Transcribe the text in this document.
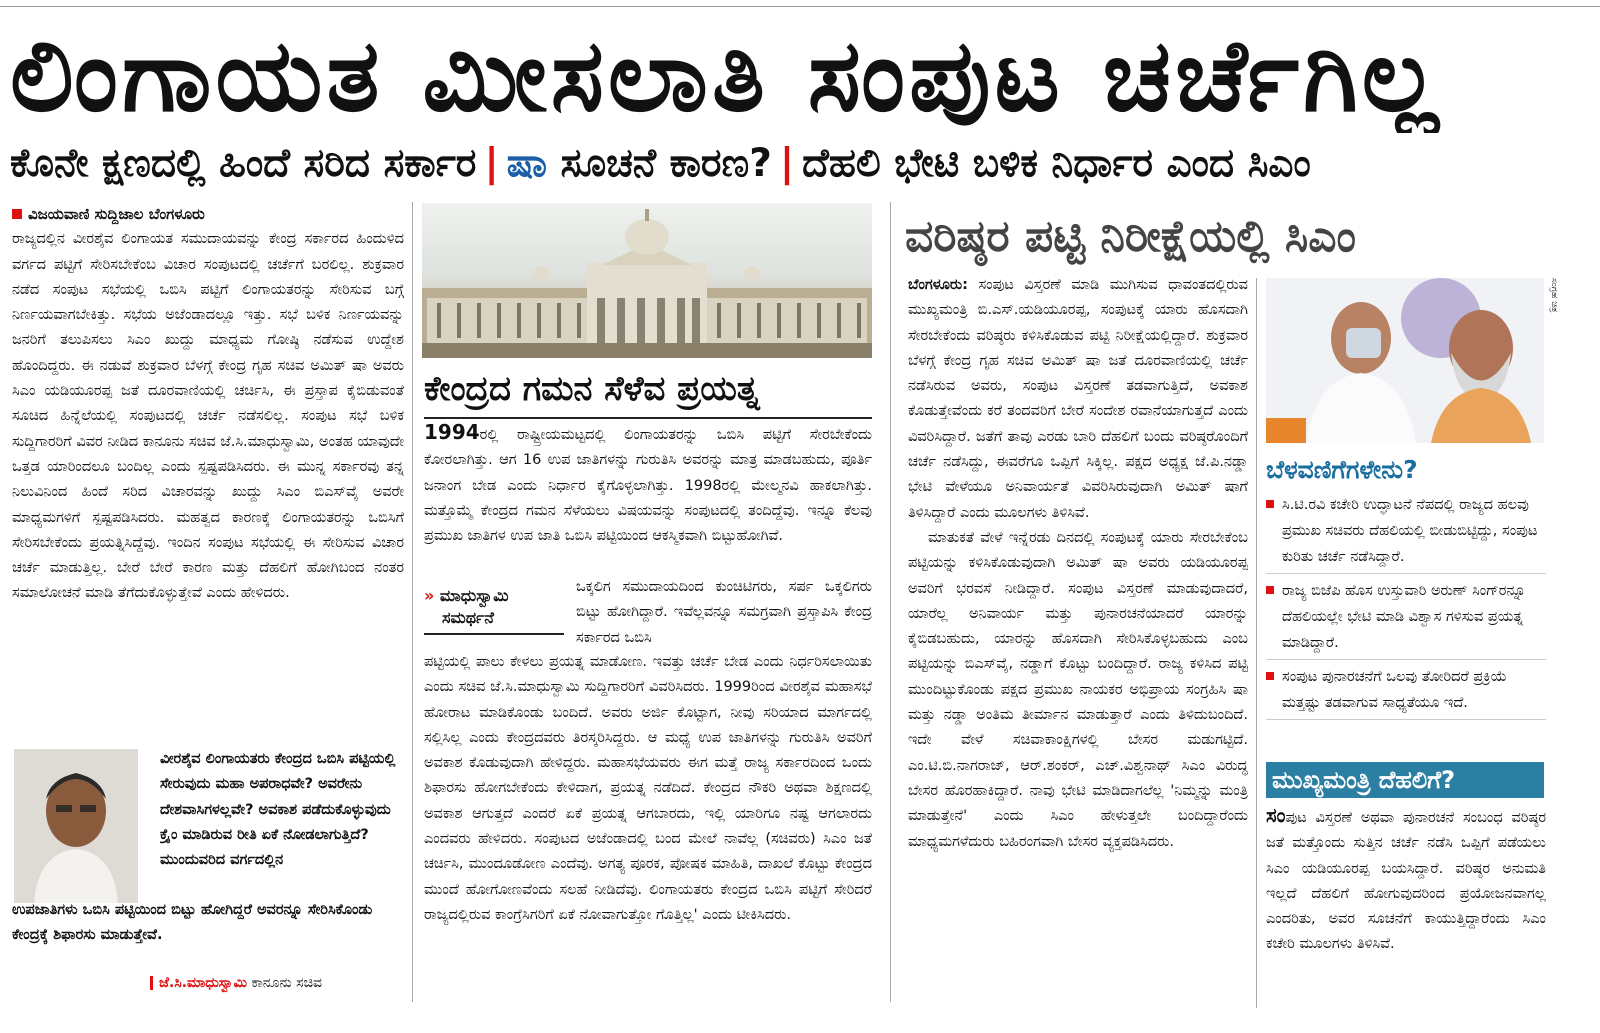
ಲಿಂಗಾಯತ ಮೀಸಲಾತಿ ಸಂಪುಟ ಚರ್ಚೆಗಿಲ್ಲ
ಕೊನೇ ಕ್ಷಣದಲ್ಲಿ ಹಿಂದೆ ಸರಿದ ಸರ್ಕಾರ | ಷಾ ಸೂಚನೆ ಕಾರಣ? | ದೆಹಲಿ ಭೇಟಿ ಬಳಿಕ ನಿರ್ಧಾರ ಎಂದ ಸಿಎಂ
ವಿಜಯವಾಣಿ ಸುದ್ದಿಜಾಲ ಬೆಂಗಳೂರು

ರಾಜ್ಯದಲ್ಲಿನ ವೀರಶೈವ ಲಿಂಗಾಯತ ಸಮುದಾಯವನ್ನು ಕೇಂದ್ರ ಸರ್ಕಾರದ ಹಿಂದುಳಿದ ವರ್ಗದ ಪಟ್ಟಿಗೆ ಸೇರಿಸಬೇಕೆಂಬ ವಿಚಾರ ಸಂಪುಟದಲ್ಲಿ ಚರ್ಚೆಗೆ ಬರಲಿಲ್ಲ. ಶುಕ್ರವಾರ ನಡೆದ ಸಂಪುಟ ಸಭೆಯಲ್ಲಿ ಒಬಿಸಿ ಪಟ್ಟಿಗೆ ಲಿಂಗಾಯತರನ್ನು ಸೇರಿಸುವ ಬಗ್ಗೆ ನಿರ್ಣಯವಾಗಬೇಕಿತ್ತು. ಸಭೆಯ ಅಜೆಂಡಾದಲ್ಲೂ ಇತ್ತು. ಸಭೆ ಬಳಿಕ ನಿರ್ಣಯವನ್ನು ಜನರಿಗೆ ತಲುಪಿಸಲು ಸಿಎಂ ಖುದ್ದು ಮಾಧ್ಯಮ ಗೋಷ್ಠಿ ನಡೆಸುವ ಉದ್ದೇಶ ಹೊಂದಿದ್ದರು. ಈ ನಡುವೆ ಶುಕ್ರವಾರ ಬೆಳಗ್ಗೆ ಕೇಂದ್ರ ಗೃಹ ಸಚಿವ ಅಮಿತ್ ಷಾ ಅವರು ಸಿಎಂ ಯಡಿಯೂರಪ್ಪ ಜತೆ ದೂರವಾಣಿಯಲ್ಲಿ ಚರ್ಚಿಸಿ, ಈ ಪ್ರಸ್ತಾಪ ಕೈಬಿಡುವಂತೆ ಸೂಚಿದ ಹಿನ್ನೆಲೆಯಲ್ಲಿ ಸಂಪುಟದಲ್ಲಿ ಚರ್ಚೆ ನಡೆಸಲಿಲ್ಲ. ಸಂಪುಟ ಸಭೆ ಬಳಿಕ ಸುದ್ದಿಗಾರರಿಗೆ ವಿವರ ನೀಡಿದ ಕಾನೂನು ಸಚಿವ ಜೆ.ಸಿ.ಮಾಧುಸ್ವಾಮಿ, ಅಂತಹ ಯಾವುದೇ ಒತ್ತಡ ಯಾರಿಂದಲೂ ಬಂದಿಲ್ಲ ಎಂದು ಸ್ಪಷ್ಟಪಡಿಸಿದರು. ಈ ಮುನ್ನ ಸರ್ಕಾರವು ತನ್ನ ನಿಲುವಿನಿಂದ ಹಿಂದೆ ಸರಿದ ವಿಚಾರವನ್ನು ಖುದ್ದು ಸಿಎಂ ಬಿಎಸ್‌ವೈ ಅವರೇ ಮಾಧ್ಯಮಗಳಿಗೆ ಸ್ಪಷ್ಟಪಡಿಸಿದರು. ಮಹತ್ವದ ಕಾರಣಕ್ಕೆ ಲಿಂಗಾಯತರನ್ನು ಒಬಿಸಿಗೆ ಸೇರಿಸಬೇಕೆಂದು ಪ್ರಯತ್ನಿಸಿದ್ದೆವು. ಇಂದಿನ ಸಂಪುಟ ಸಭೆಯಲ್ಲಿ ಈ ಸೇರಿಸುವ ವಿಚಾರ ಚರ್ಚೆ ಮಾಡುತ್ತಿಲ್ಲ. ಬೇರೆ ಬೇರೆ ಕಾರಣ ಮತ್ತು ದೆಹಲಿಗೆ ಹೋಗಿಬಂದ ನಂತರ ಸಮಾಲೋಚನೆ ಮಾಡಿ ತೆಗೆದುಕೊಳ್ಳುತ್ತೇವೆ ಎಂದು ಹೇಳಿದರು.

ವೀರಶೈವ ಲಿಂಗಾಯತರು ಕೇಂದ್ರದ ಒಬಿಸಿ ಪಟ್ಟಿಯಲ್ಲಿ ಸೇರುವುದು ಮಹಾ ಅಪರಾಧವೇ? ಅವರೇನು ದೇಶವಾಸಿಗಳಲ್ಲವೇ? ಅವಕಾಶ ಪಡೆದುಕೊಳ್ಳುವುದು ಕ್ರೈಂ ಮಾಡಿರುವ ರೀತಿ ಏಕೆ ನೋಡಲಾಗುತ್ತಿದೆ? ಮುಂದುವರಿದ ವರ್ಗದಲ್ಲಿನ
ಉಪಜಾತಿಗಳು ಒಬಿಸಿ ಪಟ್ಟಿಯಿಂದ ಬಿಟ್ಟು ಹೋಗಿದ್ದರೆ ಅವರನ್ನೂ ಸೇರಿಸಿಕೊಂಡು ಕೇಂದ್ರಕ್ಕೆ ಶಿಫಾರಸು ಮಾಡುತ್ತೇವೆ.
ಜೆ.ಸಿ.ಮಾಧುಸ್ವಾಮಿ ಕಾನೂನು ಸಚಿವ
ಕೇಂದ್ರದ ಗಮನ ಸೆಳೆವ ಪ್ರಯತ್ನ

1994ರಲ್ಲಿ ರಾಷ್ಟ್ರೀಯಮಟ್ಟದಲ್ಲಿ ಲಿಂಗಾಯತರನ್ನು ಒಬಿಸಿ ಪಟ್ಟಿಗೆ ಸೇರಬೇಕೆಂದು ಕೋರಲಾಗಿತ್ತು. ಆಗ 16 ಉಪ ಜಾತಿಗಳನ್ನು ಗುರುತಿಸಿ ಅವರನ್ನು ಮಾತ್ರ ಮಾಡಬಹುದು, ಪೂರ್ತಿ ಜನಾಂಗ ಬೇಡ ಎಂದು ನಿರ್ಧಾರ ಕೈಗೊಳ್ಳಲಾಗಿತ್ತು. 1998ರಲ್ಲಿ ಮೇಲ್ಮನವಿ ಹಾಕಲಾಗಿತ್ತು. ಮತ್ತೊಮ್ಮೆ ಕೇಂದ್ರದ ಗಮನ ಸೆಳೆಯಲು ವಿಷಯವನ್ನು ಸಂಪುಟದಲ್ಲಿ ತಂದಿದ್ದೆವು. ಇನ್ನೂ ಕೆಲವು ಪ್ರಮುಖ ಜಾತಿಗಳ ಉಪ ಜಾತಿ ಒಬಿಸಿ ಪಟ್ಟಿಯಿಂದ ಆಕಸ್ಮಿಕವಾಗಿ ಬಿಟ್ಟುಹೋಗಿವೆ.

» ಮಾಧುಸ್ವಾಮಿ
ಸಮರ್ಥನೆ

ಒಕ್ಕಲಿಗ ಸಮುದಾಯದಿಂದ ಕುಂಚಿಟಿಗರು, ಸರ್ಪ ಒಕ್ಕಲಿಗರು ಬಿಟ್ಟು ಹೋಗಿದ್ದಾರೆ. ಇವೆಲ್ಲವನ್ನೂ ಸಮಗ್ರವಾಗಿ ಪ್ರಸ್ತಾಪಿಸಿ ಕೇಂದ್ರ ಸರ್ಕಾರದ ಒಬಿಸಿ

ಪಟ್ಟಿಯಲ್ಲಿ ಪಾಲು ಕೇಳಲು ಪ್ರಯತ್ನ ಮಾಡೋಣ. ಇವತ್ತು ಚರ್ಚೆ ಬೇಡ ಎಂದು ನಿರ್ಧರಿಸಲಾಯಿತು ಎಂದು ಸಚಿವ ಜೆ.ಸಿ.ಮಾಧುಸ್ವಾಮಿ ಸುದ್ದಿಗಾರರಿಗೆ ವಿವರಿಸಿದರು. 1999ರಿಂದ ವೀರಶೈವ ಮಹಾಸಭೆ ಹೋರಾಟ ಮಾಡಿಕೊಂಡು ಬಂದಿದೆ. ಅವರು ಅರ್ಜಿ ಕೊಟ್ಟಾಗ, ನೀವು ಸರಿಯಾದ ಮಾರ್ಗದಲ್ಲಿ ಸಲ್ಲಿಸಿಲ್ಲ ಎಂದು ಕೇಂದ್ರದವರು ತಿರಸ್ಕರಿಸಿದ್ದರು. ಆ ಮಧ್ಯೆ ಉಪ ಜಾತಿಗಳನ್ನು ಗುರುತಿಸಿ ಅವರಿಗೆ ಅವಕಾಶ ಕೊಡುವುದಾಗಿ ಹೇಳಿದ್ದರು. ಮಹಾಸಭೆಯವರು ಈಗ ಮತ್ತೆ ರಾಜ್ಯ ಸರ್ಕಾರದಿಂದ ಒಂದು ಶಿಫಾರಸು ಹೋಗಬೇಕೆಂದು ಕೇಳಿದಾಗ, ಪ್ರಯತ್ನ ನಡೆದಿದೆ. ಕೇಂದ್ರದ ನೌಕರಿ ಅಥವಾ ಶಿಕ್ಷಣದಲ್ಲಿ ಅವಕಾಶ ಆಗುತ್ತದೆ ಎಂದರೆ ಏಕೆ ಪ್ರಯತ್ನ ಆಗಬಾರದು, ಇಲ್ಲಿ ಯಾರಿಗೂ ನಷ್ಟ ಆಗಲಾರದು ಎಂದವರು ಹೇಳಿದರು. ಸಂಪುಟದ ಅಜೆಂಡಾದಲ್ಲಿ ಬಂದ ಮೇಲೆ ನಾವೆಲ್ಲ (ಸಚಿವರು) ಸಿಎಂ ಜತೆ ಚರ್ಚಿಸಿ, ಮುಂದೂಡೋಣ ಎಂದೆವು. ಅಗತ್ಯ ಪೂರಕ, ಪೋಷಕ ಮಾಹಿತಿ, ದಾಖಲೆ ಕೊಟ್ಟು ಕೇಂದ್ರದ ಮುಂದೆ ಹೋಗೋಣವೆಂದು ಸಲಹೆ ನೀಡಿದೆವು. ಲಿಂಗಾಯತರು ಕೇಂದ್ರದ ಒಬಿಸಿ ಪಟ್ಟಿಗೆ ಸೇರಿದರೆ ರಾಜ್ಯದಲ್ಲಿರುವ ಕಾಂಗ್ರೆಸಿಗರಿಗೆ ಏಕೆ ನೋವಾಗುತ್ತೋ ಗೊತ್ತಿಲ್ಲ' ಎಂದು ಟೀಕಿಸಿದರು.

ವರಿಷ್ಠರ ಪಟ್ಟಿ ನಿರೀಕ್ಷೆಯಲ್ಲಿ ಸಿಎಂ

ಬೆಂಗಳೂರು: ಸಂಪುಟ ವಿಸ್ತರಣೆ ಮಾಡಿ ಮುಗಿಸುವ ಧಾವಂತದಲ್ಲಿರುವ ಮುಖ್ಯಮಂತ್ರಿ ಬಿ.ಎಸ್.ಯಡಿಯೂರಪ್ಪ, ಸಂಪುಟಕ್ಕೆ ಯಾರು ಹೊಸದಾಗಿ ಸೇರಬೇಕೆಂದು ವರಿಷ್ಠರು ಕಳಿಸಿಕೊಡುವ ಪಟ್ಟಿ ನಿರೀಕ್ಷೆಯಲ್ಲಿದ್ದಾರೆ. ಶುಕ್ರವಾರ ಬೆಳಗ್ಗೆ ಕೇಂದ್ರ ಗೃಹ ಸಚಿವ ಅಮಿತ್ ಷಾ ಜತೆ ದೂರವಾಣಿಯಲ್ಲಿ ಚರ್ಚೆ ನಡೆಸಿರುವ ಅವರು, ಸಂಪುಟ ವಿಸ್ತರಣೆ ತಡವಾಗುತ್ತಿದೆ, ಅವಕಾಶ ಕೊಡುತ್ತೇವೆಂದು ಕರೆ ತಂದವರಿಗೆ ಬೇರೆ ಸಂದೇಶ ರವಾನೆಯಾಗುತ್ತದೆ ಎಂದು ವಿವರಿಸಿದ್ದಾರೆ. ಜತೆಗೆ ತಾವು ಎರಡು ಬಾರಿ ದೆಹಲಿಗೆ ಬಂದು ವರಿಷ್ಠರೊಂದಿಗೆ ಚರ್ಚೆ ನಡೆಸಿದ್ದು, ಈವರೆಗೂ ಒಪ್ಪಿಗೆ ಸಿಕ್ಕಿಲ್ಲ. ಪಕ್ಷದ ಅಧ್ಯಕ್ಷ ಜೆ.ಪಿ.ನಡ್ಡಾ ಭೇಟಿ ವೇಳೆಯೂ ಅನಿವಾರ್ಯತೆ ವಿವರಿಸಿರುವುದಾಗಿ ಅಮಿತ್ ಷಾಗೆ ತಿಳಿಸಿದ್ದಾರೆ ಎಂದು ಮೂಲಗಳು ತಿಳಿಸಿವೆ.

ಮಾತುಕತೆ ವೇಳೆ ಇನ್ನೆರಡು ದಿನದಲ್ಲಿ ಸಂಪುಟಕ್ಕೆ ಯಾರು ಸೇರಬೇಕೆಂಬ ಪಟ್ಟಿಯನ್ನು ಕಳಿಸಿಕೊಡುವುದಾಗಿ ಅಮಿತ್ ಷಾ ಅವರು ಯಡಿಯೂರಪ್ಪ ಅವರಿಗೆ ಭರವಸೆ ನೀಡಿದ್ದಾರೆ. ಸಂಪುಟ ವಿಸ್ತರಣೆ ಮಾಡುವುದಾದರೆ, ಯಾರೆಲ್ಲ ಅನಿವಾರ್ಯ ಮತ್ತು ಪುನಾರಚನೆಯಾದರೆ ಯಾರನ್ನು ಕೈಬಿಡಬಹುದು, ಯಾರನ್ನು ಹೊಸದಾಗಿ ಸೇರಿಸಿಕೊಳ್ಳಬಹುದು ಎಂಬ ಪಟ್ಟಿಯನ್ನು ಬಿಎಸ್‌ವೈ, ನಡ್ಡಾಗೆ ಕೊಟ್ಟು ಬಂದಿದ್ದಾರೆ. ರಾಜ್ಯ ಕಳಿಸಿದ ಪಟ್ಟಿ ಮುಂದಿಟ್ಟುಕೊಂಡು ಪಕ್ಷದ ಪ್ರಮುಖ ನಾಯಕರ ಅಭಿಪ್ರಾಯ ಸಂಗ್ರಹಿಸಿ ಷಾ ಮತ್ತು ನಡ್ಡಾ ಅಂತಿಮ ತೀರ್ಮಾನ ಮಾಡುತ್ತಾರೆ ಎಂದು ತಿಳಿದುಬಂದಿದೆ. ಇದೇ ವೇಳೆ ಸಚಿವಾಕಾಂಕ್ಷಿಗಳಲ್ಲಿ ಬೇಸರ ಮಡುಗಟ್ಟಿದೆ. ಎಂ.ಟಿ.ಬಿ.ನಾಗರಾಜ್, ಆರ್.ಶಂಕರ್, ಎಚ್.ವಿಶ್ವನಾಥ್ ಸಿಎಂ ವಿರುದ್ಧ ಬೇಸರ ಹೊರಹಾಕಿದ್ದಾರೆ. ನಾವು ಭೇಟಿ ಮಾಡಿದಾಗಲೆಲ್ಲ 'ನಿಮ್ಮನ್ನು ಮಂತ್ರಿ ಮಾಡುತ್ತೇನೆ' ಎಂದು ಸಿಎಂ ಹೇಳುತ್ತಲೇ ಬಂದಿದ್ದಾರೆಂದು ಮಾಧ್ಯಮಗಳೆದುರು ಬಹಿರಂಗವಾಗಿ ಬೇಸರ ವ್ಯಕ್ತಪಡಿಸಿದರು.

ಸಂಗ್ರಹ ಚಿತ್ರ
ಬೆಳವಣಿಗೆಗಳೇನು?
ಸಿ.ಟಿ.ರವಿ ಕಚೇರಿ ಉದ್ಘಾಟನೆ ನೆಪದಲ್ಲಿ ರಾಜ್ಯದ ಹಲವು ಪ್ರಮುಖ ಸಚಿವರು ದೆಹಲಿಯಲ್ಲಿ ಬೀಡುಬಿಟ್ಟಿದ್ದು, ಸಂಪುಟ ಕುರಿತು ಚರ್ಚೆ ನಡೆಸಿದ್ದಾರೆ.
ರಾಜ್ಯ ಬಿಜೆಪಿ ಹೊಸ ಉಸ್ತುವಾರಿ ಅರುಣ್ ಸಿಂಗ್‌ರನ್ನೂ ದೆಹಲಿಯಲ್ಲೇ ಭೇಟಿ ಮಾಡಿ ವಿಶ್ವಾಸ ಗಳಿಸುವ ಪ್ರಯತ್ನ ಮಾಡಿದ್ದಾರೆ.
ಸಂಪುಟ ಪುನಾರಚನೆಗೆ ಒಲವು ತೋರಿದರೆ ಪ್ರಕ್ರಿಯೆ ಮತ್ತಷ್ಟು ತಡವಾಗುವ ಸಾಧ್ಯತೆಯೂ ಇದೆ.
ಮುಖ್ಯಮಂತ್ರಿ ದೆಹಲಿಗೆ?

ಸಂಪುಟ ವಿಸ್ತರಣೆ ಅಥವಾ ಪುನಾರಚನೆ ಸಂಬಂಧ ವರಿಷ್ಠರ ಜತೆ ಮತ್ತೊಂದು ಸುತ್ತಿನ ಚರ್ಚೆ ನಡೆಸಿ ಒಪ್ಪಿಗೆ ಪಡೆಯಲು ಸಿಎಂ ಯಡಿಯೂರಪ್ಪ ಬಯಸಿದ್ದಾರೆ. ವರಿಷ್ಠರ ಅನುಮತಿ ಇಲ್ಲದೆ ದೆಹಲಿಗೆ ಹೋಗುವುದರಿಂದ ಪ್ರಯೋಜನವಾಗಲ್ಲ ಎಂದರಿತು, ಅವರ ಸೂಚನೆಗೆ ಕಾಯುತ್ತಿದ್ದಾರೆಂದು ಸಿಎಂ ಕಚೇರಿ ಮೂಲಗಳು ತಿಳಿಸಿವೆ.
